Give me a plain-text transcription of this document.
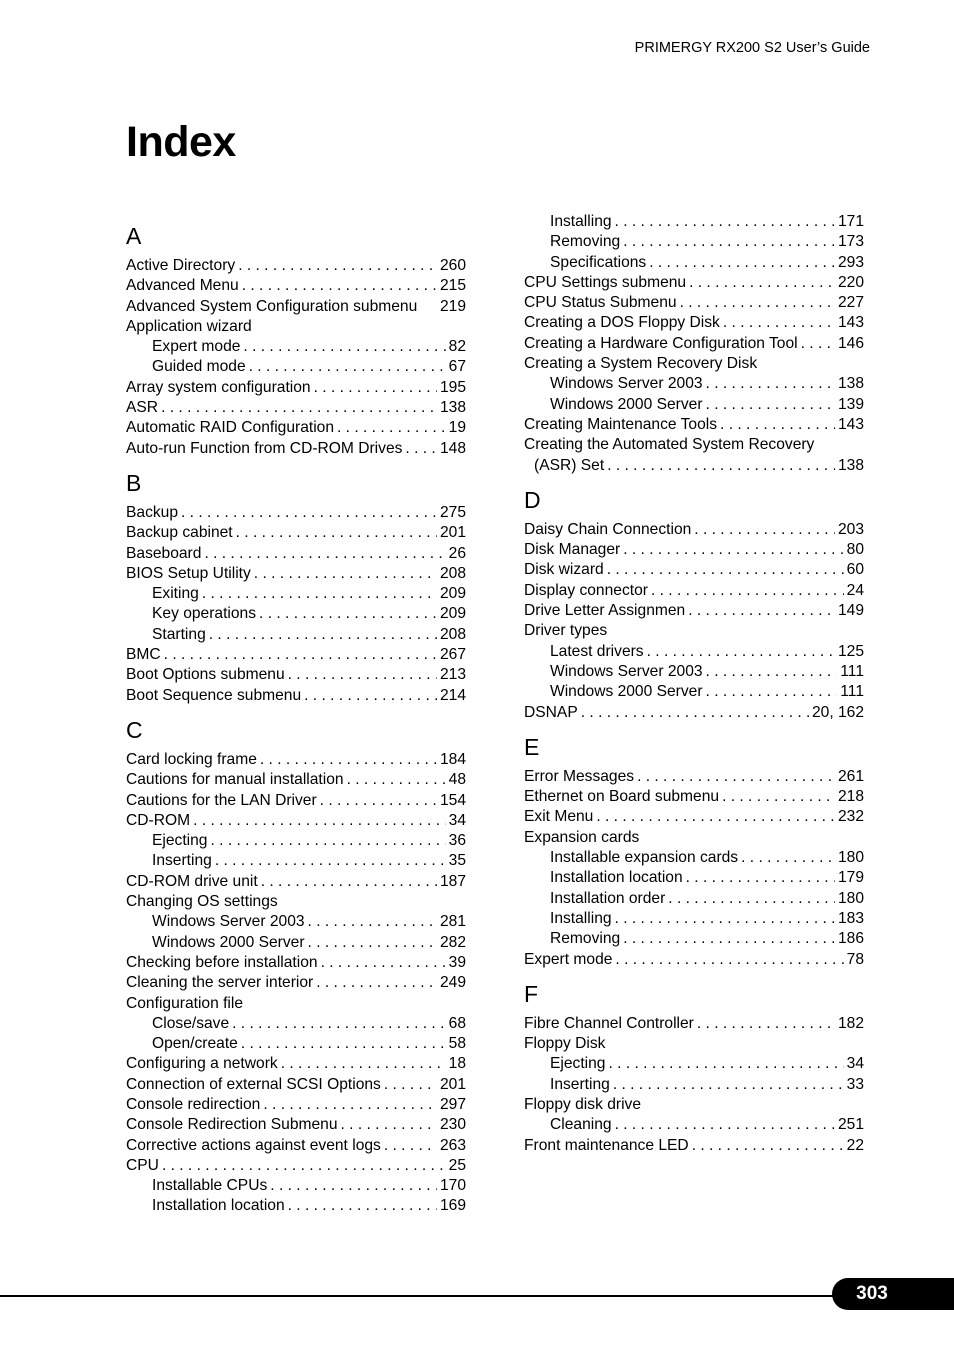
PRIMERGY RX200 S2 User’s Guide
Index
A
Active Directory . . .	260
Advanced Menu . . .	215
Advanced System Configuration submenu 219
Application wizard
Expert mode . . .	82
Guided mode . . .	67
Array system configuration . . .	195
ASR . . .	138
Automatic RAID Configuration . . .	19
Auto-run Function from CD-ROM Drives . . . 148
B
Backup . . .	275
Backup cabinet . . .	201
Baseboard . . .	26
BIOS Setup Utility . . .	208
Exiting . . .	209
Key operations . . .	209
Starting . . .	208
BMC . . .	267
Boot Options submenu . . .	213
Boot Sequence submenu . . .	214
C
Card locking frame . . .	184
Cautions for manual installation . . .	48
Cautions for the LAN Driver . . .	154
CD-ROM . . .	34
Ejecting . . .	36
Inserting . . .	35
CD-ROM drive unit . . .	187
Changing OS settings
Windows Server 2003 . . .	281
Windows 2000 Server . . .	282
Checking before installation . . .	39
Cleaning the server interior . . .	249
Configuration file
Close/save . . .	68
Open/create . . .	58
Configuring a network . . .	18
Connection of external SCSI Options . . .	201
Console redirection . . .	297
Console Redirection Submenu . . .	230
Corrective actions against event logs . . .	263
CPU . . .	25
Installable CPUs . . .	170
Installation location . . .	169
Installing . . .	171
Removing . . .	173
Specifications . . .	293
CPU Settings submenu . . .	220
CPU Status Submenu . . .	227
Creating a DOS Floppy Disk . . .	143
Creating a Hardware Configuration Tool . . .	146
Creating a System Recovery Disk
Windows Server 2003 . . .	138
Windows 2000 Server . . .	139
Creating Maintenance Tools . . .	143
Creating the Automated System Recovery
(ASR) Set . . .	138
D
Daisy Chain Connection . . .	203
Disk Manager . . .	80
Disk wizard . . .	60
Display connector . . .	24
Drive Letter Assignmen . . .	149
Driver types
Latest drivers . . .	125
Windows Server 2003 . . .	111
Windows 2000 Server . . .	111
DSNAP . . .	20, 162
E
Error Messages . . .	261
Ethernet on Board submenu . . .	218
Exit Menu . . .	232
Expansion cards
Installable expansion cards . . .	180
Installation location . . .	179
Installation order . . .	180
Installing . . .	183
Removing . . .	186
Expert mode . . .	78
F
Fibre Channel Controller . . .	182
Floppy Disk
Ejecting . . .	34
Inserting . . .	33
Floppy disk drive
Cleaning . . .	251
Front maintenance LED . . .	22
303
